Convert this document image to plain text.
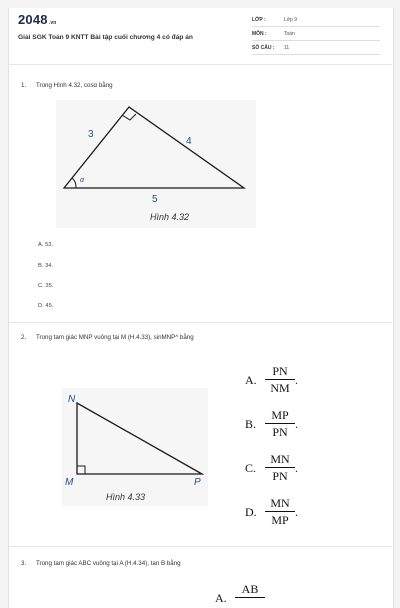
2048.vn
Giải SGK Toán 9 KNTT Bài tập cuối chương 4 có đáp án
LỚP :	Lớp 9
MÔN :	Toán
SỐ CÂU : 11
1. Trong Hình 4.32, cosα bằng
3
4
5
α
Hình 4.32
A. 53.
B. 34.
C. 35.
D. 45.
2. Trong tam giác MNP vuông tại M (H.4.33), sinMNP^ bằng
N
M	P
Hình 4.33
A.
PN
NM
.
B.
MP
PN
.
C.
MN
PN
.
D.
MN
MP
.
3. Trong tam giác ABC vuông tại A (H.4.34), tan B bằng
A.
AB
